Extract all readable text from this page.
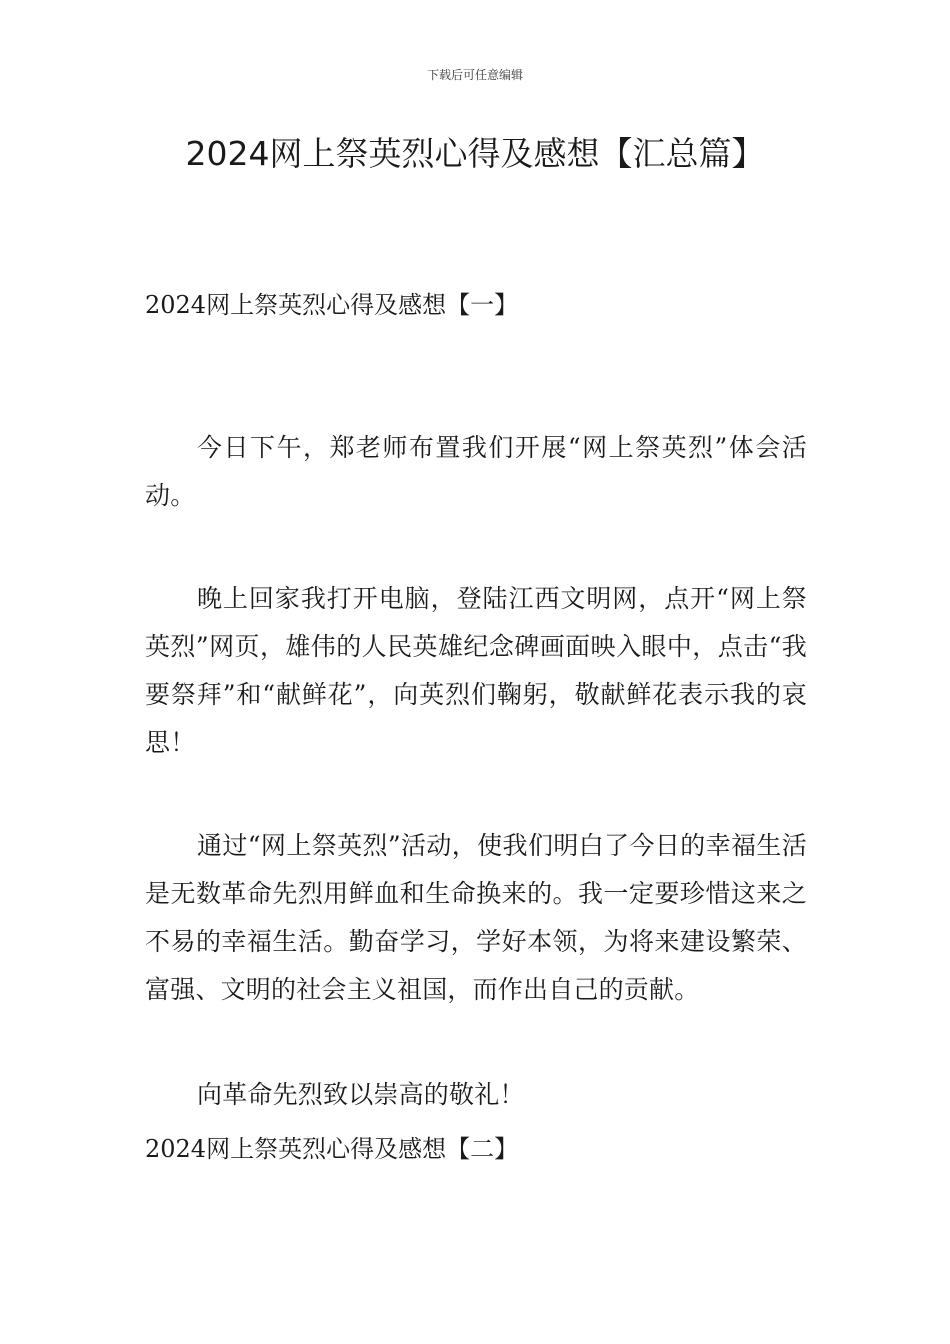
下载后可任意编辑
2024网上祭英烈心得及感想【汇总篇】

2024网上祭英烈心得及感想【一】

今日下午，郑老师布置我们开展“网上祭英烈”体会活动。

晚上回家我打开电脑，登陆江西文明网，点开“网上祭英烈”网页，雄伟的人民英雄纪念碑画面映入眼中，点击“我要祭拜”和“献鲜花”，向英烈们鞠躬，敬献鲜花表示我的哀思！

通过“网上祭英烈”活动，使我们明白了今日的幸福生活是无数革命先烈用鲜血和生命换来的。我一定要珍惜这来之不易的幸福生活。勤奋学习，学好本领，为将来建设繁荣、富强、文明的社会主义祖国，而作出自己的贡献。

向革命先烈致以崇高的敬礼！

2024网上祭英烈心得及感想【二】
